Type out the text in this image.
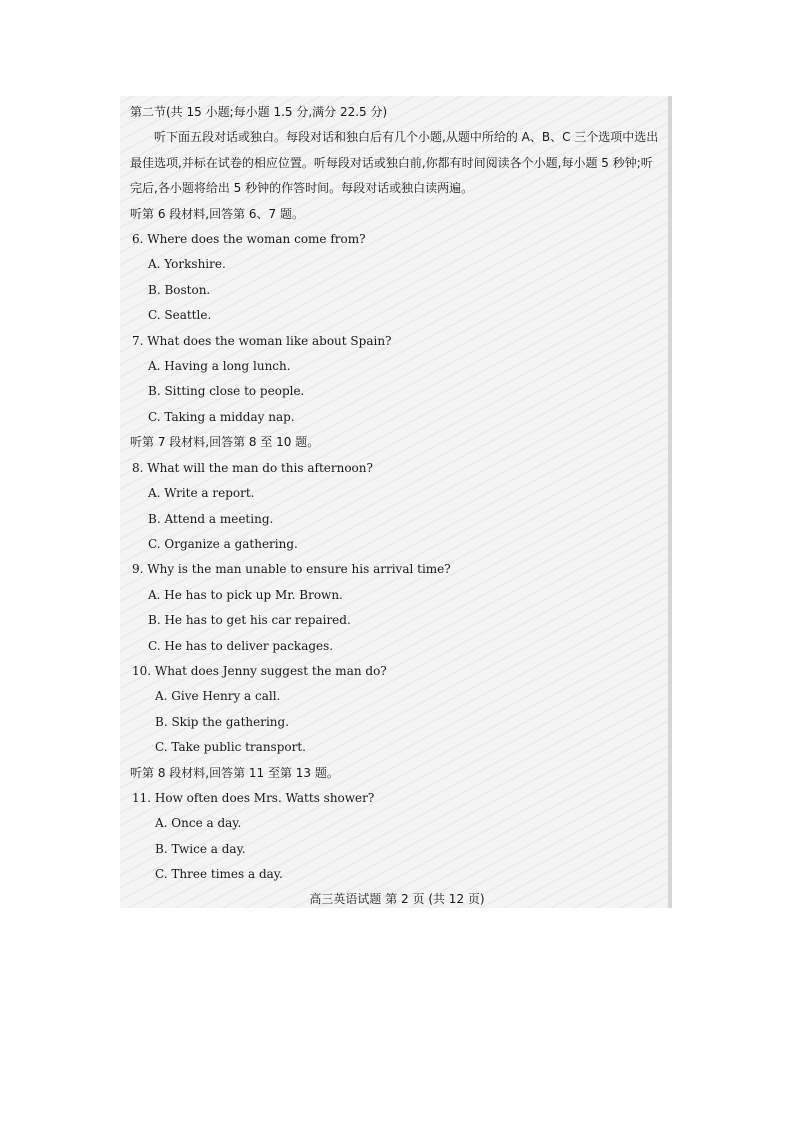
第二节(共 15 小题;每小题 1.5 分,满分 22.5 分)
听下面五段对话或独白。每段对话和独白后有几个小题,从题中所给的 A、B、C 三个选项中选出最佳选项,并标在试卷的相应位置。听每段对话或独白前,你都有时间阅读各个小题,每小题 5 秒钟;听完后,各小题将给出 5 秒钟的作答时间。每段对话或独白读两遍。
听第 6 段材料,回答第 6、7 题。
6. Where does the woman come from?
A. Yorkshire.
B. Boston.
C. Seattle.
7. What does the woman like about Spain?
A. Having a long lunch.
B. Sitting close to people.
C. Taking a midday nap.
听第 7 段材料,回答第 8 至 10 题。
8. What will the man do this afternoon?
A. Write a report.
B. Attend a meeting.
C. Organize a gathering.
9. Why is the man unable to ensure his arrival time?
A. He has to pick up Mr. Brown.
B. He has to get his car repaired.
C. He has to deliver packages.
10. What does Jenny suggest the man do?
A. Give Henry a call.
B. Skip the gathering.
C. Take public transport.
听第 8 段材料,回答第 11 至第 13 题。
11. How often does Mrs. Watts shower?
A. Once a day.
B. Twice a day.
C. Three times a day.
高三英语试题 第 2 页 (共 12 页)
